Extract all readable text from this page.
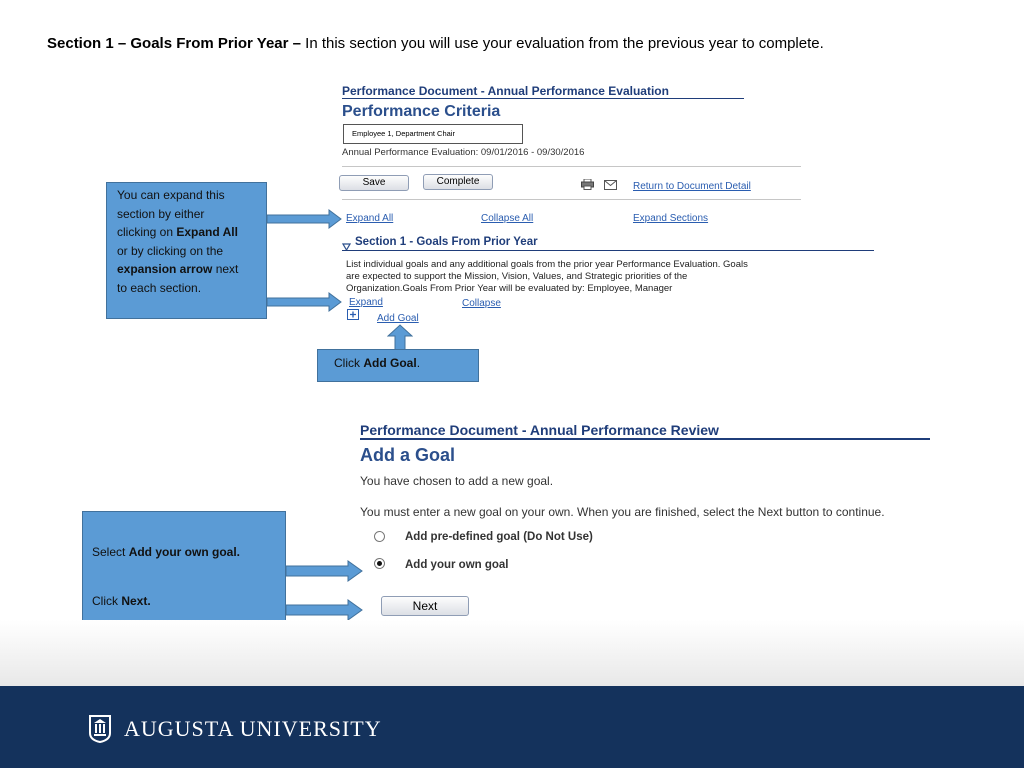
Section 1 – Goals From Prior Year – In this section you will use your evaluation from the previous year to complete.
Performance Document - Annual Performance Evaluation
Performance Criteria
Employee 1, Department Chair
Annual Performance Evaluation: 09/01/2016 - 09/30/2016
Save	Complete	Return to Document Detail
Expand All	Collapse All	Expand Sections
Section 1 - Goals From Prior Year
List individual goals and any additional goals from the prior year Performance Evaluation. Goals
are expected to support the Mission, Vision, Values, and Strategic priorities of the
Organization.Goals From Prior Year will be evaluated by: Employee, Manager
Expand	Collapse
Add Goal
You can expand this
section by either
clicking on Expand All
or by clicking on the
expansion arrow next
to each section.
Click Add Goal.
Performance Document - Annual Performance Review
Add a Goal
You have chosen to add a new goal.
You must enter a new goal on your own. When you are finished, select the Next button to continue.
Add pre-defined goal (Do Not Use)
Add your own goal
Next
Select Add your own goal.
Click Next.
AUGUSTA UNIVERSITY
